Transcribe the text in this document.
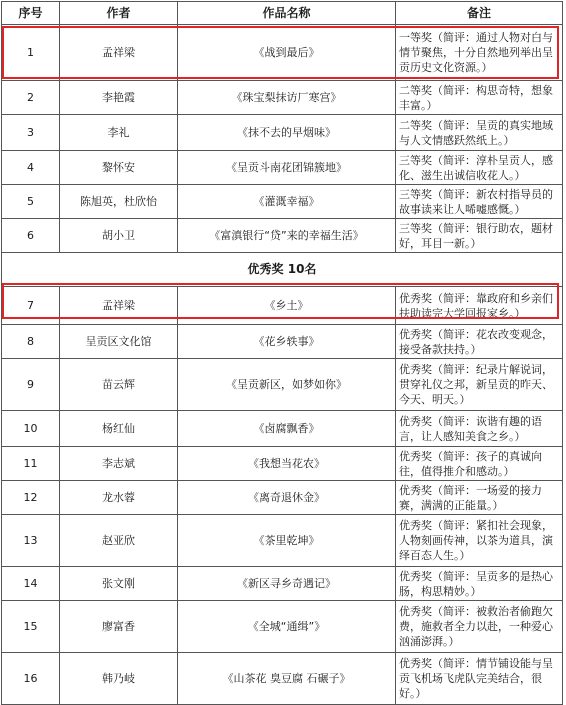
序号	作者	作品名称	备注
1	孟祥梁	《战到最后》	一等奖（简评：通过人物对白与情节聚焦，十分自然地列举出呈贡历史文化资源。）
2	李艳霞	《珠宝梨抹访厂寒宫》	二等奖（简评：构思奇特，想象丰富。）
3	李礼	《抹不去的早烟味》	二等奖（简评：呈贡的真实地域与人文情感跃然纸上。）
4	黎怀安	《呈贡斗南花团锦簇地》	三等奖（简评：淳朴呈贡人，感化、滋生出诚信收花人。）
5	陈旭英，杜欣怡	《灌溉幸福》	三等奖（简评：新农村指导员的故事读来让人唏嘘感慨。）
6	胡小卫	《富滇银行“贷”来的幸福生活》	三等奖（简评：银行助农，题材好，耳目一新。）
优秀奖 10名			
7	孟祥梁	《乡土》	优秀奖（简评：靠政府和乡亲们扶助读完大学回报家乡。）
8	呈贡区文化馆	《花乡轶事》	优秀奖（简评：花农改变观念，接受备款扶持。）
9	苗云辉	《呈贡新区，如梦如你》	优秀奖（简评：纪录片解说词，贯穿礼仪之邦，新呈贡的昨天、今天、明天。）
10	杨红仙	《卤腐飘香》	优秀奖（简评：诙谐有趣的语言，让人感知美食之乡。）
11	李志斌	《我想当花农》	优秀奖（简评：孩子的真诚向往，值得推介和感动。）
12	龙水蓉	《离奇退休金》	优秀奖（简评：一场爱的接力赛，满满的正能量。）
13	赵亚欣	《茶里乾坤》	优秀奖（简评：紧扣社会现象，人物刻画传神，以茶为道具，演绎百态人生。）
14	张文刚	《新区寻乡奇遇记》	优秀奖（简评：呈贡多的是热心肠，构思精妙。）
15	廖富香	《全城“通缉”》	优秀奖（简评：被救治者偷跑欠费，施救者全力以赴，一种爱心汹涌澎湃。）
16	韩乃岐	《山茶花 臭豆腐 石碾子》	优秀奖（简评：情节铺设能与呈贡飞机场飞虎队完美结合，很好。）
